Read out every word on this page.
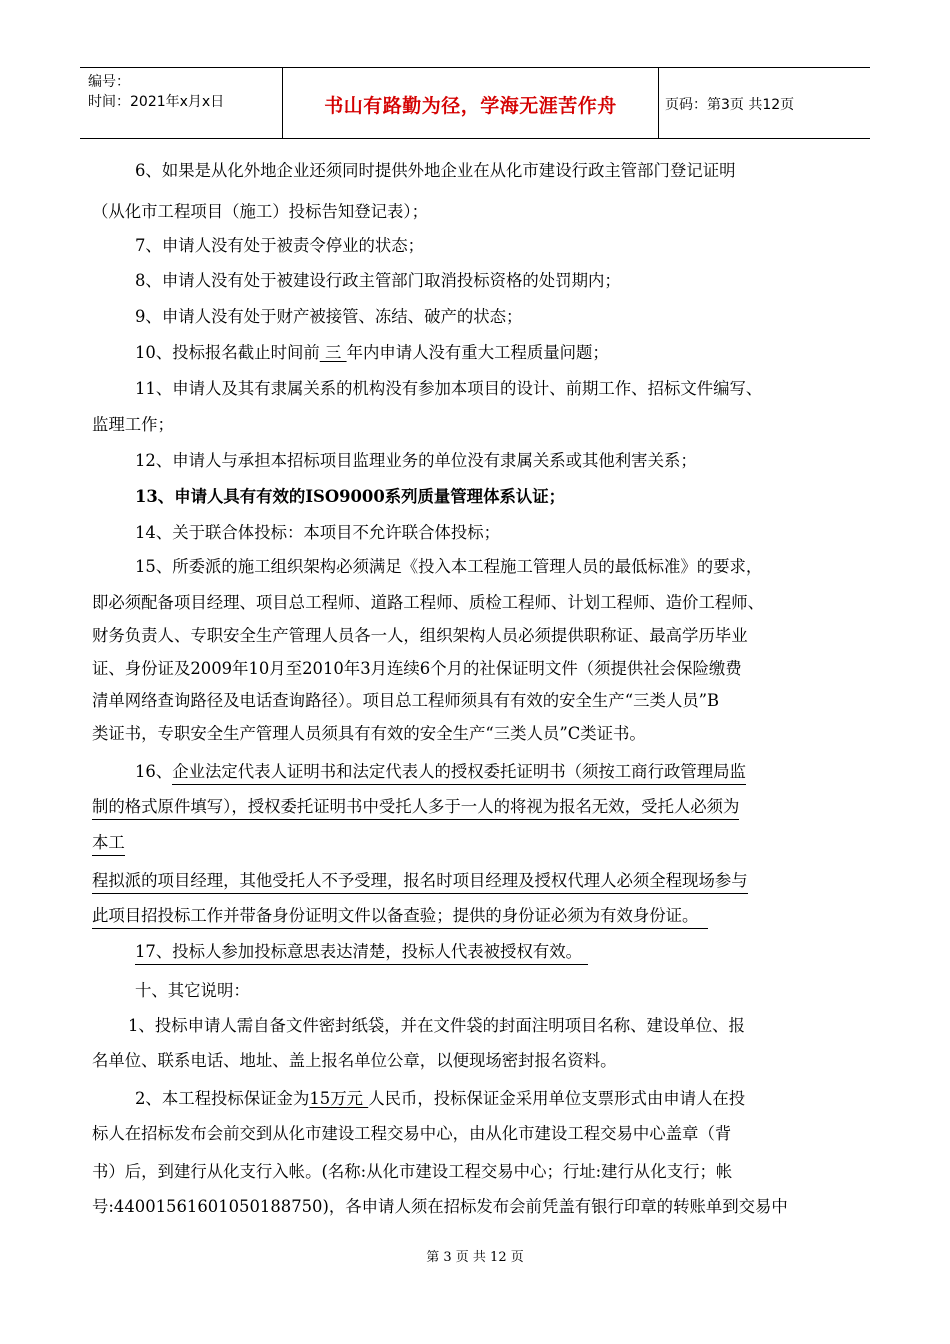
编号：
时间：2021年x月x日	书山有路勤为径，学海无涯苦作舟	页码：第3页 共12页
6、如果是从化外地企业还须同时提供外地企业在从化市建设行政主管部门登记证明
（从化市工程项目（施工）投标告知登记表）；
7、申请人没有处于被责令停业的状态；
8、申请人没有处于被建设行政主管部门取消投标资格的处罚期内；
9、申请人没有处于财产被接管、冻结、破产的状态；
10、投标报名截止时间前 三 年内申请人没有重大工程质量问题；
11、申请人及其有隶属关系的机构没有参加本项目的设计、前期工作、招标文件编写、
监理工作；
12、申请人与承担本招标项目监理业务的单位没有隶属关系或其他利害关系；
13、申请人具有有效的ISO9000系列质量管理体系认证；
14、关于联合体投标：本项目不允许联合体投标；
15、所委派的施工组织架构必须满足《投入本工程施工管理人员的最低标准》的要求，
即必须配备项目经理、项目总工程师、道路工程师、质检工程师、计划工程师、造价工程师、
财务负责人、专职安全生产管理人员各一人，组织架构人员必须提供职称证、最高学历毕业
证、身份证及2009年10月至2010年3月连续6个月的社保证明文件（须提供社会保险缴费
清单网络查询路径及电话查询路径）。项目总工程师须具有有效的安全生产“三类人员”B
类证书，专职安全生产管理人员须具有有效的安全生产“三类人员”C类证书。
16、企业法定代表人证明书和法定代表人的授权委托证明书（须按工商行政管理局监
制的格式原件填写），授权委托证明书中受托人多于一人的将视为报名无效，受托人必须为
本工
程拟派的项目经理，其他受托人不予受理，报名时项目经理及授权代理人必须全程现场参与
此项目招投标工作并带备身份证明文件以备查验；提供的身份证必须为有效身份证。
17、投标人参加投标意思表达清楚，投标人代表被授权有效。
十、其它说明：
1、投标申请人需自备文件密封纸袋，并在文件袋的封面注明项目名称、建设单位、报
名单位、联系电话、地址、盖上报名单位公章，以便现场密封报名资料。
2、本工程投标保证金为15万元 人民币，投标保证金采用单位支票形式由申请人在投
标人在招标发布会前交到从化市建设工程交易中心，由从化市建设工程交易中心盖章（背
书）后，到建行从化支行入帐。(名称:从化市建设工程交易中心；行址:建行从化支行；帐
号:44001561601050188750)，各申请人须在招标发布会前凭盖有银行印章的转账单到交易中
第 3 页 共 12 页
